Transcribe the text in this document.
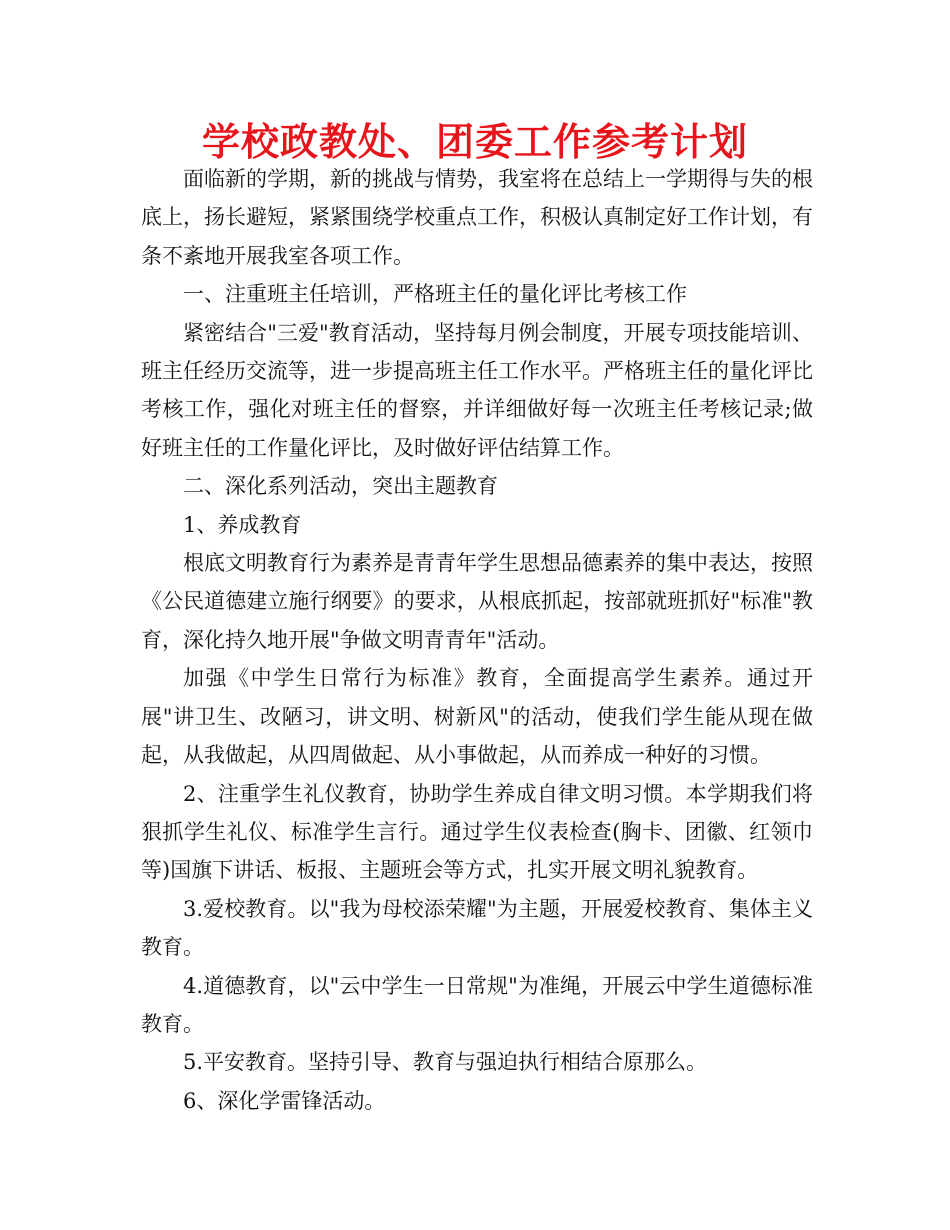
学校政教处、团委工作参考计划

面临新的学期，新的挑战与情势，我室将在总结上一学期得与失的根底上，扬长避短，紧紧围绕学校重点工作，积极认真制定好工作计划，有条不紊地开展我室各项工作。

一、注重班主任培训，严格班主任的量化评比考核工作

紧密结合"三爱"教育活动，坚持每月例会制度，开展专项技能培训、班主任经历交流等，进一步提高班主任工作水平。严格班主任的量化评比考核工作，强化对班主任的督察，并详细做好每一次班主任考核记录;做好班主任的工作量化评比，及时做好评估结算工作。

二、深化系列活动，突出主题教育

1、养成教育

根底文明教育行为素养是青青年学生思想品德素养的集中表达，按照《公民道德建立施行纲要》的要求，从根底抓起，按部就班抓好"标准"教育，深化持久地开展"争做文明青青年"活动。

加强《中学生日常行为标准》教育，全面提高学生素养。通过开展"讲卫生、改陋习，讲文明、树新风"的活动，使我们学生能从现在做起，从我做起，从四周做起、从小事做起，从而养成一种好的习惯。

2、注重学生礼仪教育，协助学生养成自律文明习惯。本学期我们将狠抓学生礼仪、标准学生言行。通过学生仪表检查(胸卡、团徽、红领巾等)国旗下讲话、板报、主题班会等方式，扎实开展文明礼貌教育。

3.爱校教育。以"我为母校添荣耀"为主题，开展爱校教育、集体主义教育。

4.道德教育，以"云中学生一日常规"为准绳，开展云中学生道德标准教育。

5.平安教育。坚持引导、教育与强迫执行相结合原那么。

6、深化学雷锋活动。
